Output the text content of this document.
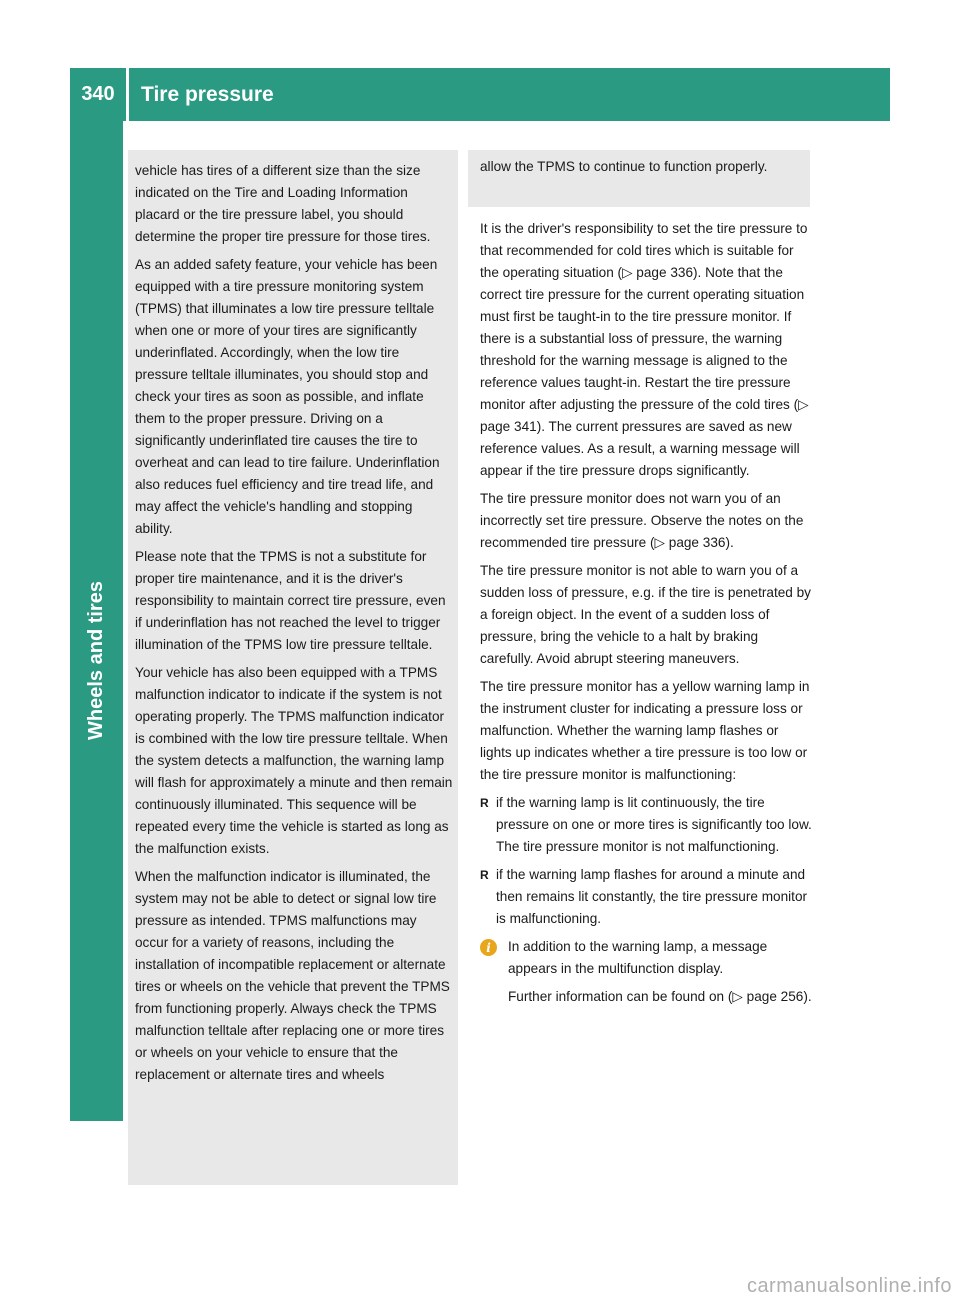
340	Tire pressure
Wheels and tires

vehicle has tires of a different size than the size indicated on the Tire and Loading Information placard or the tire pressure label, you should determine the proper tire pressure for those tires.

As an added safety feature, your vehicle has been equipped with a tire pressure monitoring system (TPMS) that illuminates a low tire pressure telltale when one or more of your tires are significantly underinflated. Accordingly, when the low tire pressure telltale illuminates, you should stop and check your tires as soon as possible, and inflate them to the proper pressure. Driving on a significantly underinflated tire causes the tire to overheat and can lead to tire failure. Underinflation also reduces fuel efficiency and tire tread life, and may affect the vehicle's handling and stopping ability.

Please note that the TPMS is not a substitute for proper tire maintenance, and it is the driver's responsibility to maintain correct tire pressure, even if underinflation has not reached the level to trigger illumination of the TPMS low tire pressure telltale.

Your vehicle has also been equipped with a TPMS malfunction indicator to indicate if the system is not operating properly. The TPMS malfunction indicator is combined with the low tire pressure telltale. When the system detects a malfunction, the warning lamp will flash for approximately a minute and then remain continuously illuminated. This sequence will be repeated every time the vehicle is started as long as the malfunction exists.

When the malfunction indicator is illuminated, the system may not be able to detect or signal low tire pressure as intended. TPMS malfunctions may occur for a variety of reasons, including the installation of incompatible replacement or alternate tires or wheels on the vehicle that prevent the TPMS from functioning properly. Always check the TPMS malfunction telltale after replacing one or more tires or wheels on your vehicle to ensure that the replacement or alternate tires and wheels

allow the TPMS to continue to function properly.

It is the driver's responsibility to set the tire pressure to that recommended for cold tires which is suitable for the operating situation (▷ page 336). Note that the correct tire pressure for the current operating situation must first be taught-in to the tire pressure monitor. If there is a substantial loss of pressure, the warning threshold for the warning message is aligned to the reference values taught-in. Restart the tire pressure monitor after adjusting the pressure of the cold tires (▷ page 341). The current pressures are saved as new reference values. As a result, a warning message will appear if the tire pressure drops significantly.

The tire pressure monitor does not warn you of an incorrectly set tire pressure. Observe the notes on the recommended tire pressure (▷ page 336).

The tire pressure monitor is not able to warn you of a sudden loss of pressure, e.g. if the tire is penetrated by a foreign object. In the event of a sudden loss of pressure, bring the vehicle to a halt by braking carefully. Avoid abrupt steering maneuvers.

The tire pressure monitor has a yellow warning lamp in the instrument cluster for indicating a pressure loss or malfunction. Whether the warning lamp flashes or lights up indicates whether a tire pressure is too low or the tire pressure monitor is malfunctioning:

R if the warning lamp is lit continuously, the tire pressure on one or more tires is significantly too low. The tire pressure monitor is not malfunctioning.
R if the warning lamp flashes for around a minute and then remains lit constantly, the tire pressure monitor is malfunctioning.
i	In addition to the warning lamp, a message appears in the multifunction display.

Further information can be found on (▷ page 256).

carmanualsonline.info
